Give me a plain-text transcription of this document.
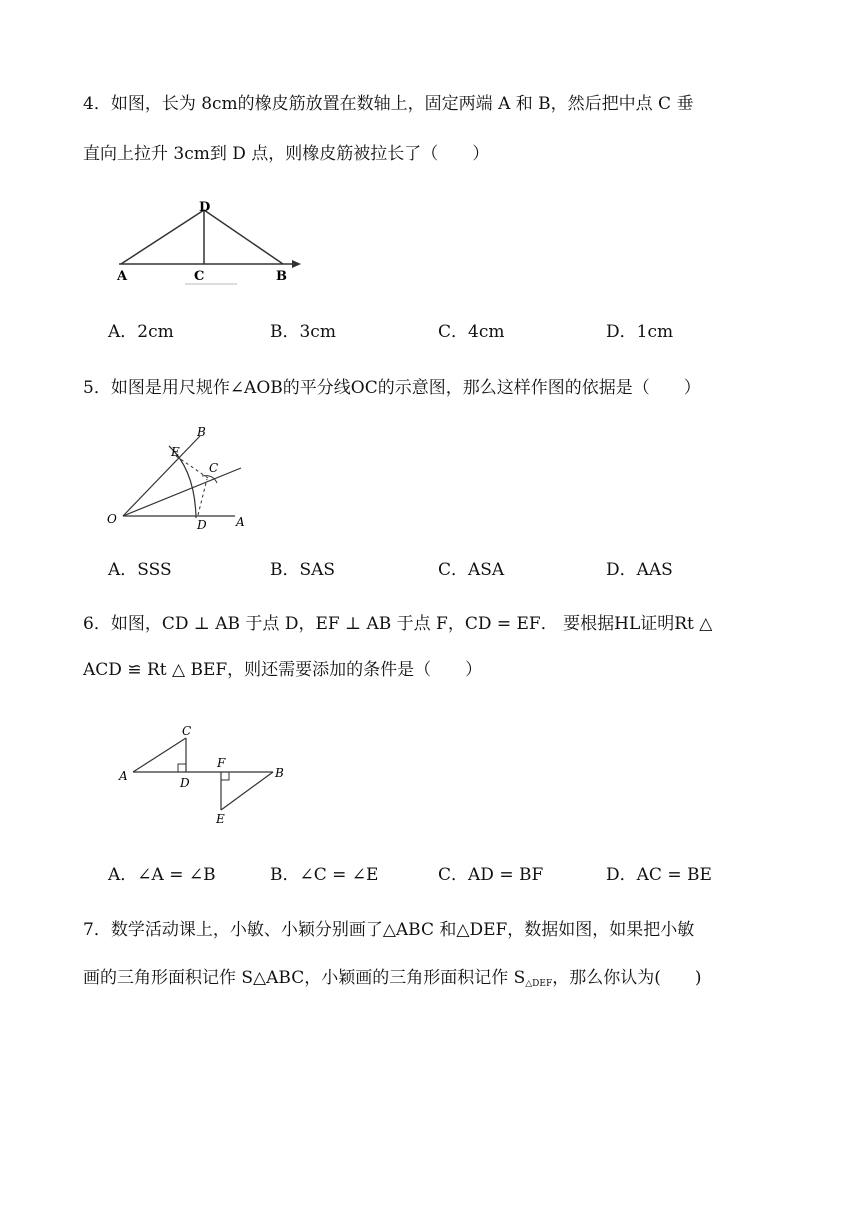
4．如图，长为 8cm的橡皮筋放置在数轴上，固定两端 A 和 B，然后把中点 C 垂
直向上拉升 3cm到 D 点，则橡皮筋被拉长了（　　）
D
A	C	B
A．2cm	B．3cm	C．4cm	D．1cm
5．如图是用尺规作∠AOB的平分线OC的示意图，那么这样作图的依据是（　　）
B
E
C
O	D A
A．SSS	B．SAS	C．ASA	D．AAS
6．如图，CD ⊥ AB 于点 D，EF ⊥ AB 于点 F，CD = EF． 要根据HL证明Rt △
ACD ≌ Rt △ BEF，则还需要添加的条件是（　　）
C
A
F
B
D
E
A．∠A = ∠B	B．∠C = ∠E	C．AD = BF	D．AC = BE
7．数学活动课上，小敏、小颖分别画了△ABC 和△DEF，数据如图，如果把小敏
画的三角形面积记作 S△ABC，小颖画的三角形面积记作 S△DEF，那么你认为(　　)
